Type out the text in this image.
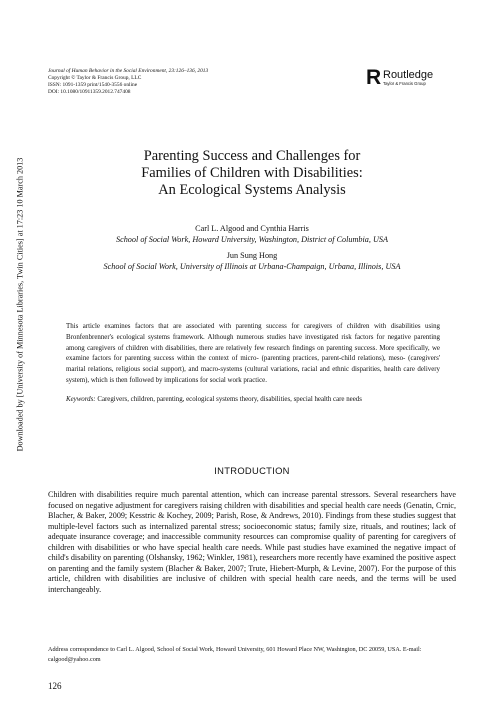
Downloaded by [University of Minnesota Libraries, Twin Cities] at 17:23 10 March 2013
Journal of Human Behavior in the Social Environment, 23:126–136, 2013
Copyright © Taylor & Francis Group, LLC
ISSN: 1091-1359 print/1540-3556 online
DOI: 10.1080/10911359.2012.747408
R Routledge
Taylor & Francis Group
Parenting Success and Challenges for
Families of Children with Disabilities:
An Ecological Systems Analysis
Carl L. Algood and Cynthia Harris
School of Social Work, Howard University, Washington, District of Columbia, USA
Jun Sung Hong
School of Social Work, University of Illinois at Urbana-Champaign, Urbana, Illinois, USA
This article examines factors that are associated with parenting success for caregivers of children with disabilities using Bronfenbrenner's ecological systems framework. Although numerous studies have investigated risk factors for negative parenting among caregivers of children with disabilities, there are relatively few research findings on parenting success. More specifically, we examine factors for parenting success within the context of micro- (parenting practices, parent-child relations), meso- (caregivers' marital relations, religious social support), and macro-systems (cultural variations, racial and ethnic disparities, health care delivery system), which is then followed by implications for social work practice.
Keywords: Caregivers, children, parenting, ecological systems theory, disabilities, special health care needs
INTRODUCTION
Children with disabilities require much parental attention, which can increase parental stressors. Several researchers have focused on negative adjustment for caregivers raising children with disabilities and special health care needs (Genatin, Crnic, Blacher, & Baker, 2009; Kesstric & Kochey, 2009; Parish, Rose, & Andrews, 2010). Findings from these studies suggest that multiple-level factors such as internalized parental stress; socioeconomic status; family size, rituals, and routines; lack of adequate insurance coverage; and inaccessible community resources can compromise quality of parenting for caregivers of children with disabilities or who have special health care needs. While past studies have examined the negative impact of child's disability on parenting (Olshansky, 1962; Winkler, 1981), researchers more recently have examined the positive aspect on parenting and the family system (Blacher & Baker, 2007; Trute, Hiebert-Murph, & Levine, 2007). For the purpose of this article, children with disabilities are inclusive of children with special health care needs, and the terms will be used interchangeably.
Address correspondence to Carl L. Algood, School of Social Work, Howard University, 601 Howard Place NW, Washington, DC 20059, USA. E-mail: calgood@yahoo.com
126
